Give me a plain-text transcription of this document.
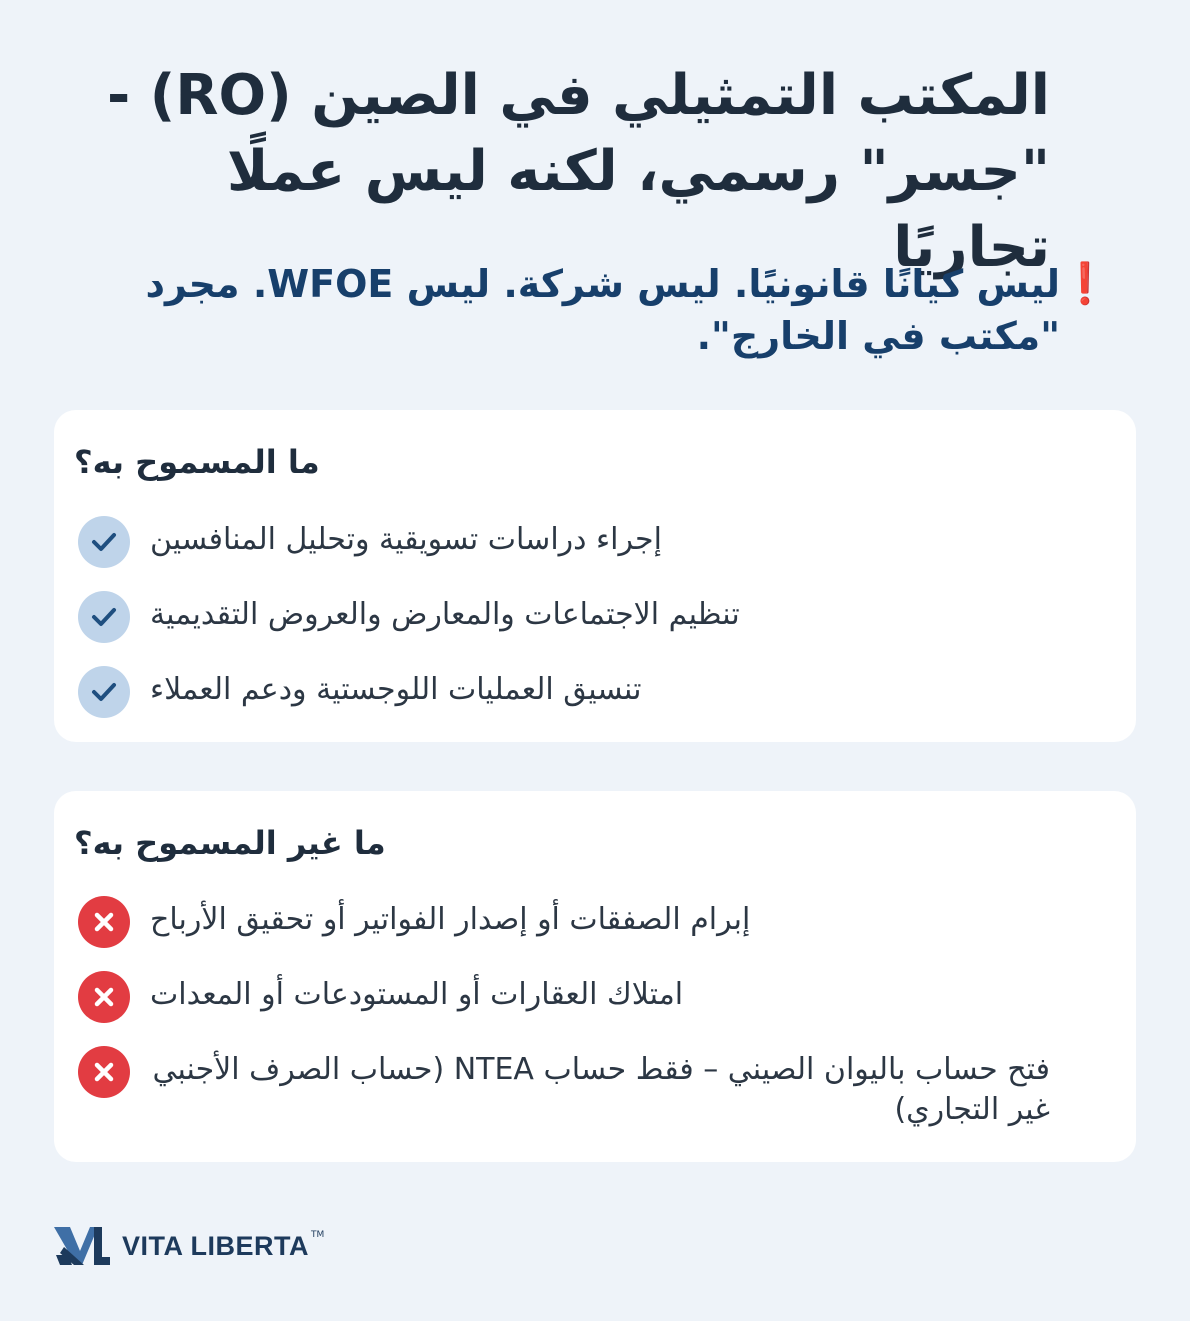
المكتب التمثيلي في الصين (RO) -
"جسر" رسمي، لكنه ليس عملًا تجاريًا
❗
ليس كيانًا قانونيًا. ليس شركة. ليس WFOE. مجرد
"مكتب في الخارج".
ما المسموح به؟
إجراء دراسات تسويقية وتحليل المنافسين
تنظيم الاجتماعات والمعارض والعروض التقديمية
تنسيق العمليات اللوجستية ودعم العملاء
ما غير المسموح به؟
إبرام الصفقات أو إصدار الفواتير أو تحقيق الأرباح
امتلاك العقارات أو المستودعات أو المعدات
فتح حساب باليوان الصيني – فقط حساب NTEA (حساب الصرف الأجنبي غير التجاري)
VITA LIBERTA TM
